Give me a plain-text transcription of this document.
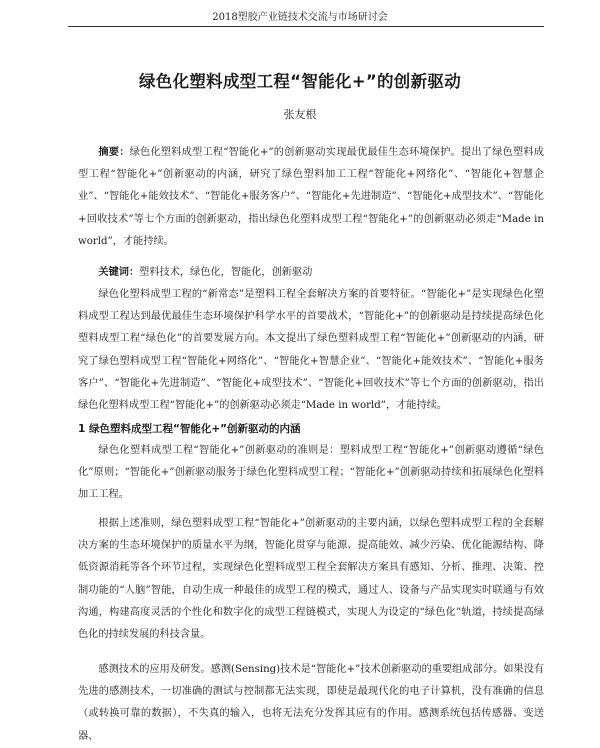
2018塑胶产业链技术交流与市场研讨会
绿色化塑料成型工程“智能化+”的创新驱动
张友根

摘要：绿色化塑料成型工程“智能化+”的创新驱动实现最优最佳生态环境保护。提出了绿色塑料成型工程“智能化+”创新驱动的内涵，研究了绿色塑料加工工程“智能化+网络化”、“智能化+智慧企业”、“智能化+能效技术”、“智能化+服务客户”、“智能化+先进制造”、“智能化+成型技术”、“智能化+回收技术”等七个方面的创新驱动，指出绿色化塑料成型工程“智能化+”的创新驱动必须走“Made in world”，才能持续。

关键词：塑料技术，绿色化，智能化，创新驱动

绿色化塑料成型工程的“新常态”是塑料工程全套解决方案的首要特征。“智能化+”是实现绿色化塑料成型工程达到最优最佳生态环境保护科学水平的首要战术，“智能化+”的创新驱动是持续提高绿色化塑料成型工程“绿色化”的首要发展方向。本文提出了绿色塑料成型工程“智能化+”创新驱动的内涵，研究了绿色塑料成型工程“智能化+网络化”、“智能化+智慧企业”、“智能化+能效技术”、“智能化+服务客户”、“智能化+先进制造”、“智能化+成型技术”、“智能化+回收技术”等七个方面的创新驱动，指出绿色化塑料成型工程“智能化+”的创新驱动必须走“Made in world”，才能持续。

1 绿色塑料成型工程“智能化+”创新驱动的内涵

绿色化塑料成型工程“智能化+”创新驱动的准则是：塑料成型工程“智能化+”创新驱动遵循“绿色化”原则；“智能化+”创新驱动服务于绿色化塑料成型工程；“智能化+”创新驱动持续和拓展绿色化塑料加工工程。

根据上述准则，绿色塑料成型工程“智能化+”创新驱动的主要内涵，以绿色塑料成型工程的全套解决方案的生态环境保护的质量水平为纲，智能化贯穿与能源、提高能效、减少污染、优化能源结构、降低资源消耗等各个环节过程，实现绿色化塑料成型工程全套解决方案具有感知、分析、推理、决策、控制功能的“人脑”智能，自动生成一种最佳的成型工程的模式，通过人、设备与产品实现实时联通与有效沟通，构建高度灵活的个性化和数字化的成型工程链模式，实现人为设定的“绿色化”轨道，持续提高绿色化的持续发展的科技含量。

感测技术的应用及研发。感测(Sensing)技术是“智能化+”技术创新驱动的重要组成部分。如果没有先进的感测技术，一切准确的测试与控制都无法实现，即使是最现代化的电子计算机，没有准确的信息（或转换可靠的数据），不失真的输入，也将无法充分发挥其应有的作用。感测系统包括传感器、变送器、
